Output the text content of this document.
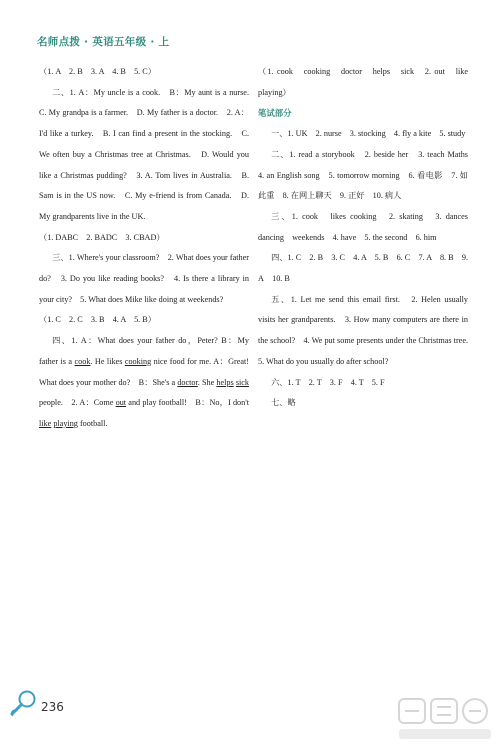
名师点拨 · 英语五年级 · 上

（1. A　2. B　3. A　4. B　5. C）

二、1. A：My uncle is a cook.　B：My aunt is a nurse.　C. My grandpa is a farmer.　D. My father is a doctor.　2. A：I'd like a turkey.　B. I can find a present in the stocking.　C. We often buy a Christmas tree at Christmas.　D. Would you like a Christmas pudding?　3. A. Tom lives in Australia.　B. Sam is in the US now.　C. My e-friend is from Canada.　D. My grandparents live in the UK.

（1. DABC　2. BADC　3. CBAD）

三、1. Where's your classroom?　2. What does your father do?　3. Do you like reading books?　4. Is there a library in your city?　5. What does Mike like doing at weekends?

（1. C　2. C　3. B　4. A　5. B）

四、1. A：What does your father do，Peter? B：My father is a cook. He likes cooking nice food for me. A：Great! What does your mother do?　B：She's a doctor. She helps sick people.　2. A：Come out and play football!　B：No，I don't like playing football.

（1. cook　cooking　doctor　helps　sick　2. out　like　playing）

笔试部分

一、1. UK　2. nurse　3. stocking　4. fly a kite　5. study

二、1. read a storybook　2. beside her　3. teach Maths　4. an English song　5. tomorrow morning　6. 看电影　7. 如此重　8. 在网上聊天　9. 正好　10. 病人

三、1. cook　likes cooking　2. skating　3. dances dancing　weekends　4. have　5. the second　6. him

四、1. C　2. B　3. C　4. A　5. B　6. C　7. A　8. B　9. A　10. B

五、1. Let me send this email first.　2. Helen usually visits her grandparents.　3. How many computers are there in the school?　4. We put some presents under the Christmas tree.　5. What do you usually do after school?

六、1. T　2. T　3. F　4. T　5. F

七、略

236
